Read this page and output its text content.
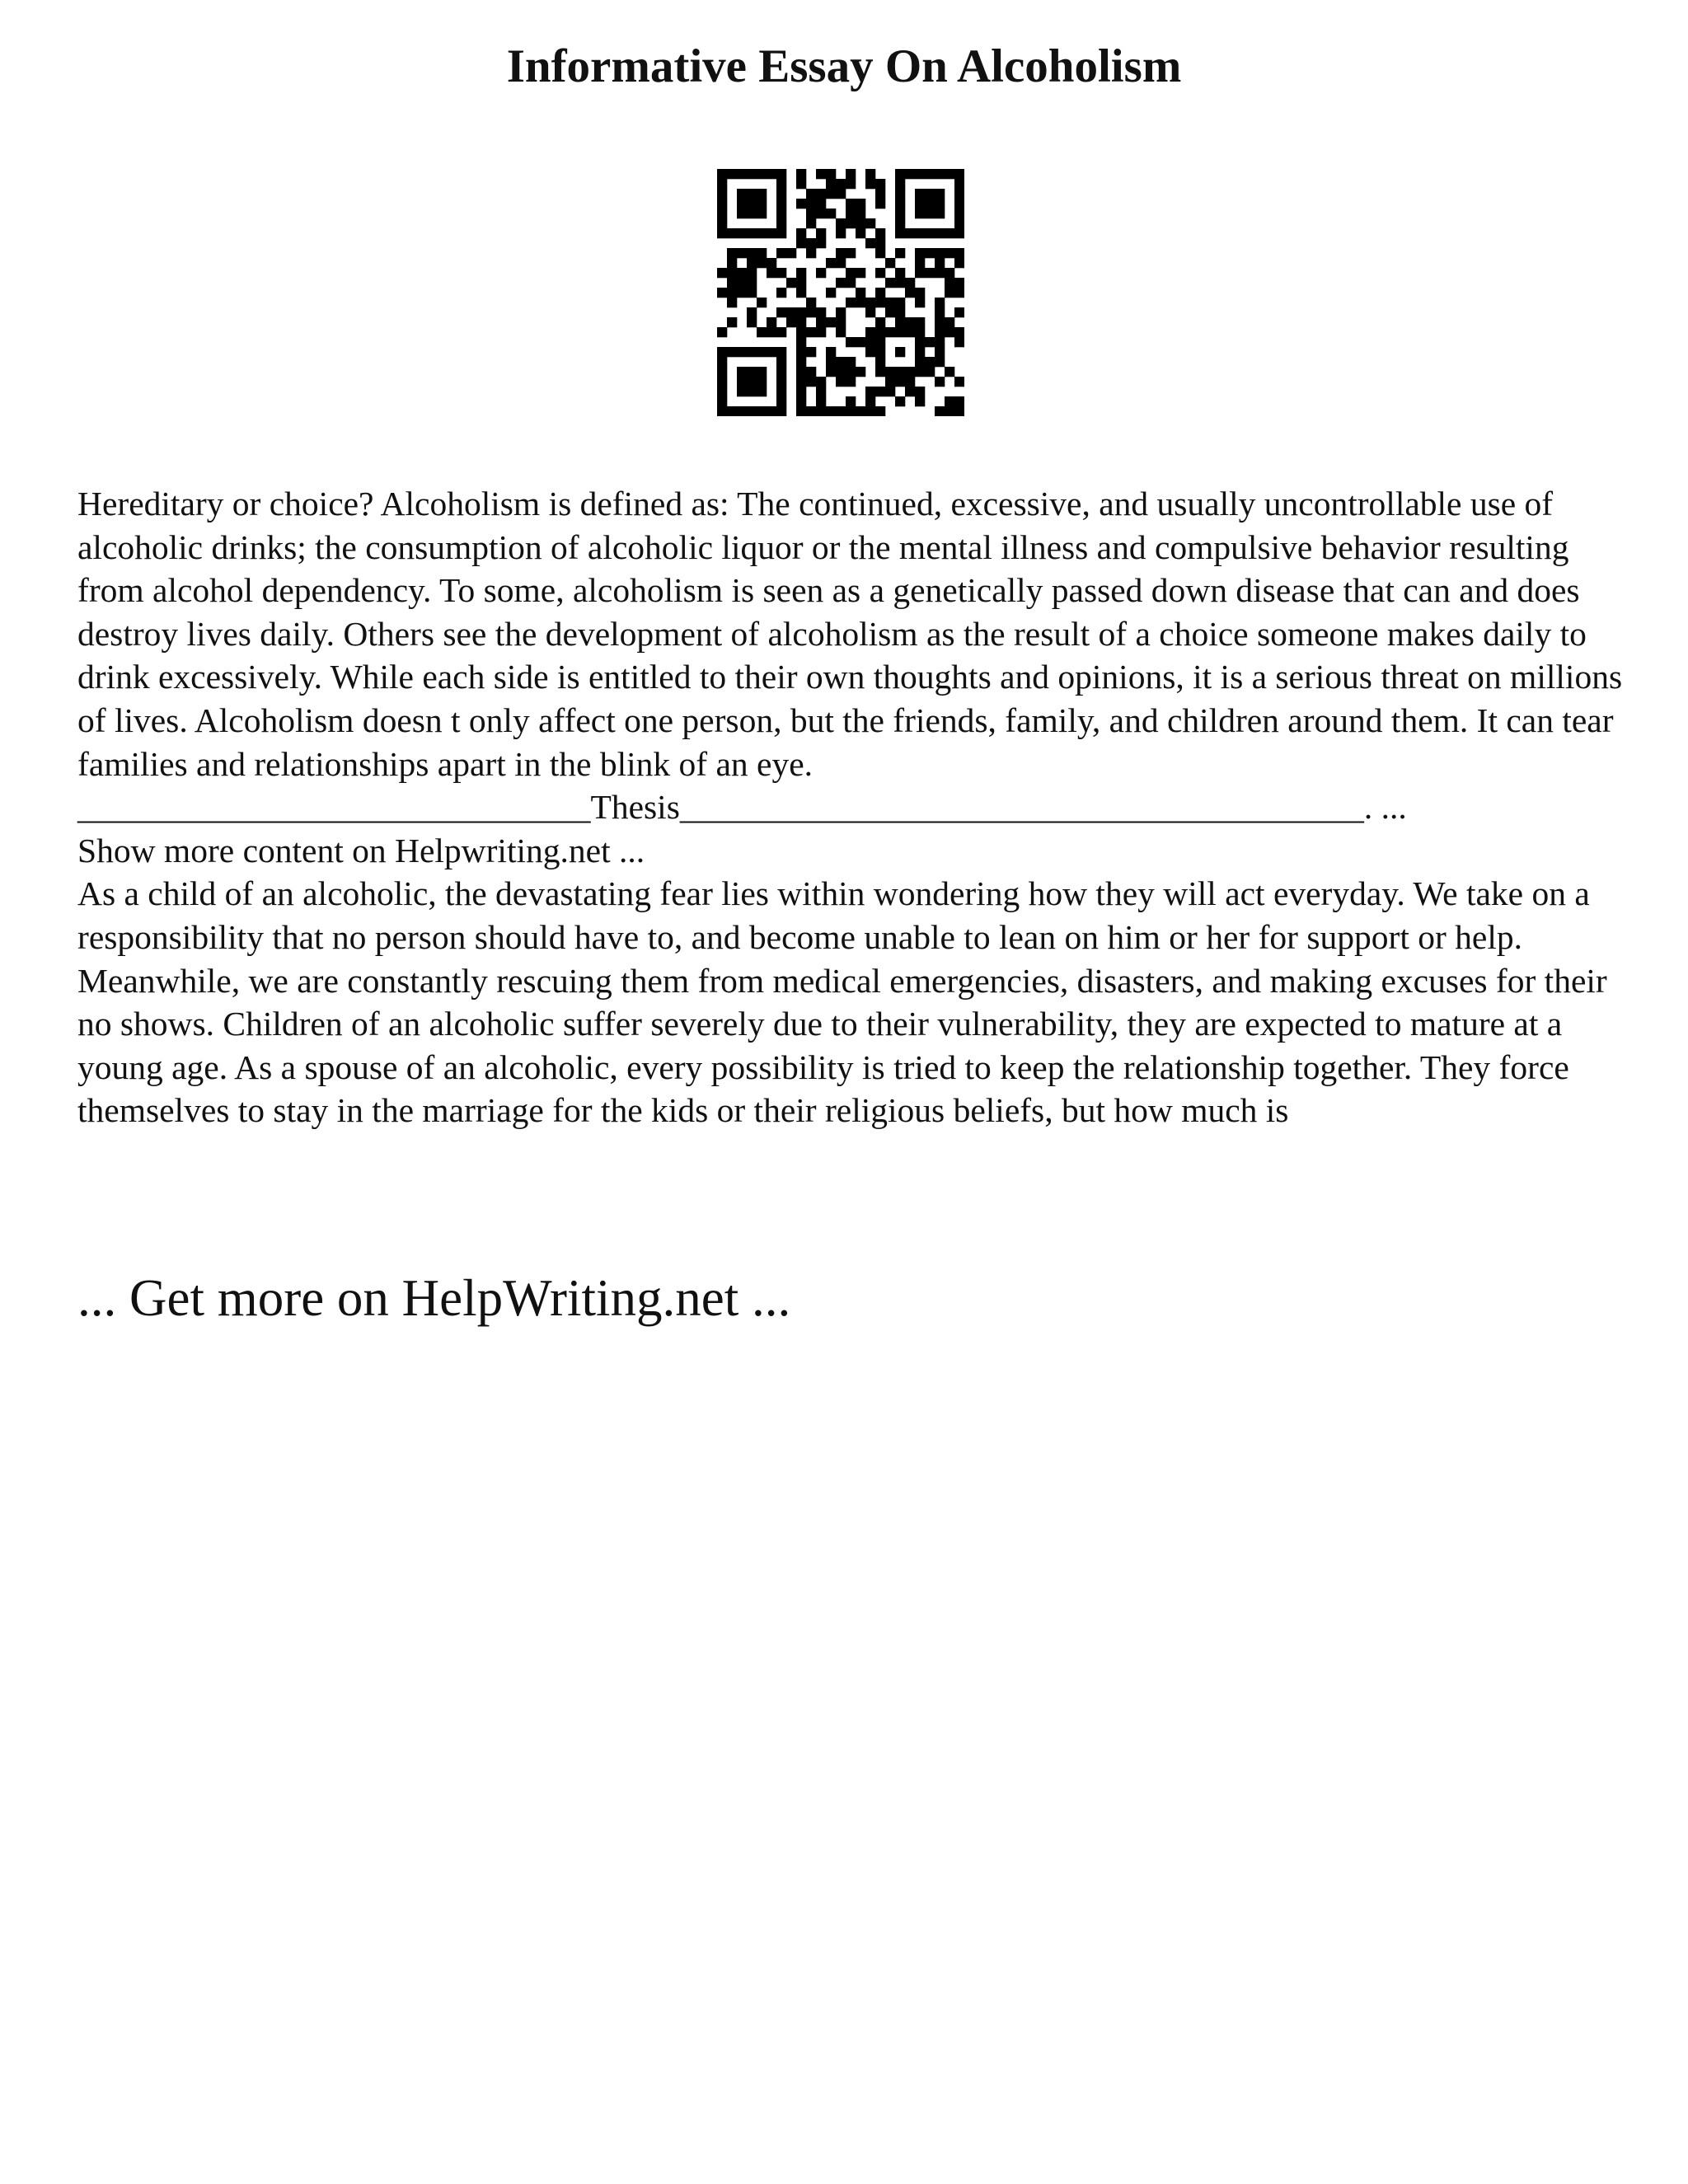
Informative Essay On Alcoholism

Hereditary or choice? Alcoholism is defined as: The continued, excessive, and usually uncontrollable use of alcoholic drinks; the consumption of alcoholic liquor or the mental illness and compulsive behavior resulting from alcohol dependency. To some, alcoholism is seen as a genetically passed down disease that can and does destroy lives daily. Others see the development of alcoholism as the result of a choice someone makes daily to drink excessively. While each side is entitled to their own thoughts and opinions, it is a serious threat on millions of lives. Alcoholism doesn t only affect one person, but the friends, family, and children around them. It can tear families and relationships apart in the blink of an eye.

______________________________Thesis________________________________________. ...

Show more content on Helpwriting.net ...

As a child of an alcoholic, the devastating fear lies within wondering how they will act everyday. We take on a responsibility that no person should have to, and become unable to lean on him or her for support or help. Meanwhile, we are constantly rescuing them from medical emergencies, disasters, and making excuses for their no shows. Children of an alcoholic suffer severely due to their vulnerability, they are expected to mature at a young age. As a spouse of an alcoholic, every possibility is tried to keep the relationship together. They force themselves to stay in the marriage for the kids or their religious beliefs, but how much is

... Get more on HelpWriting.net ...
